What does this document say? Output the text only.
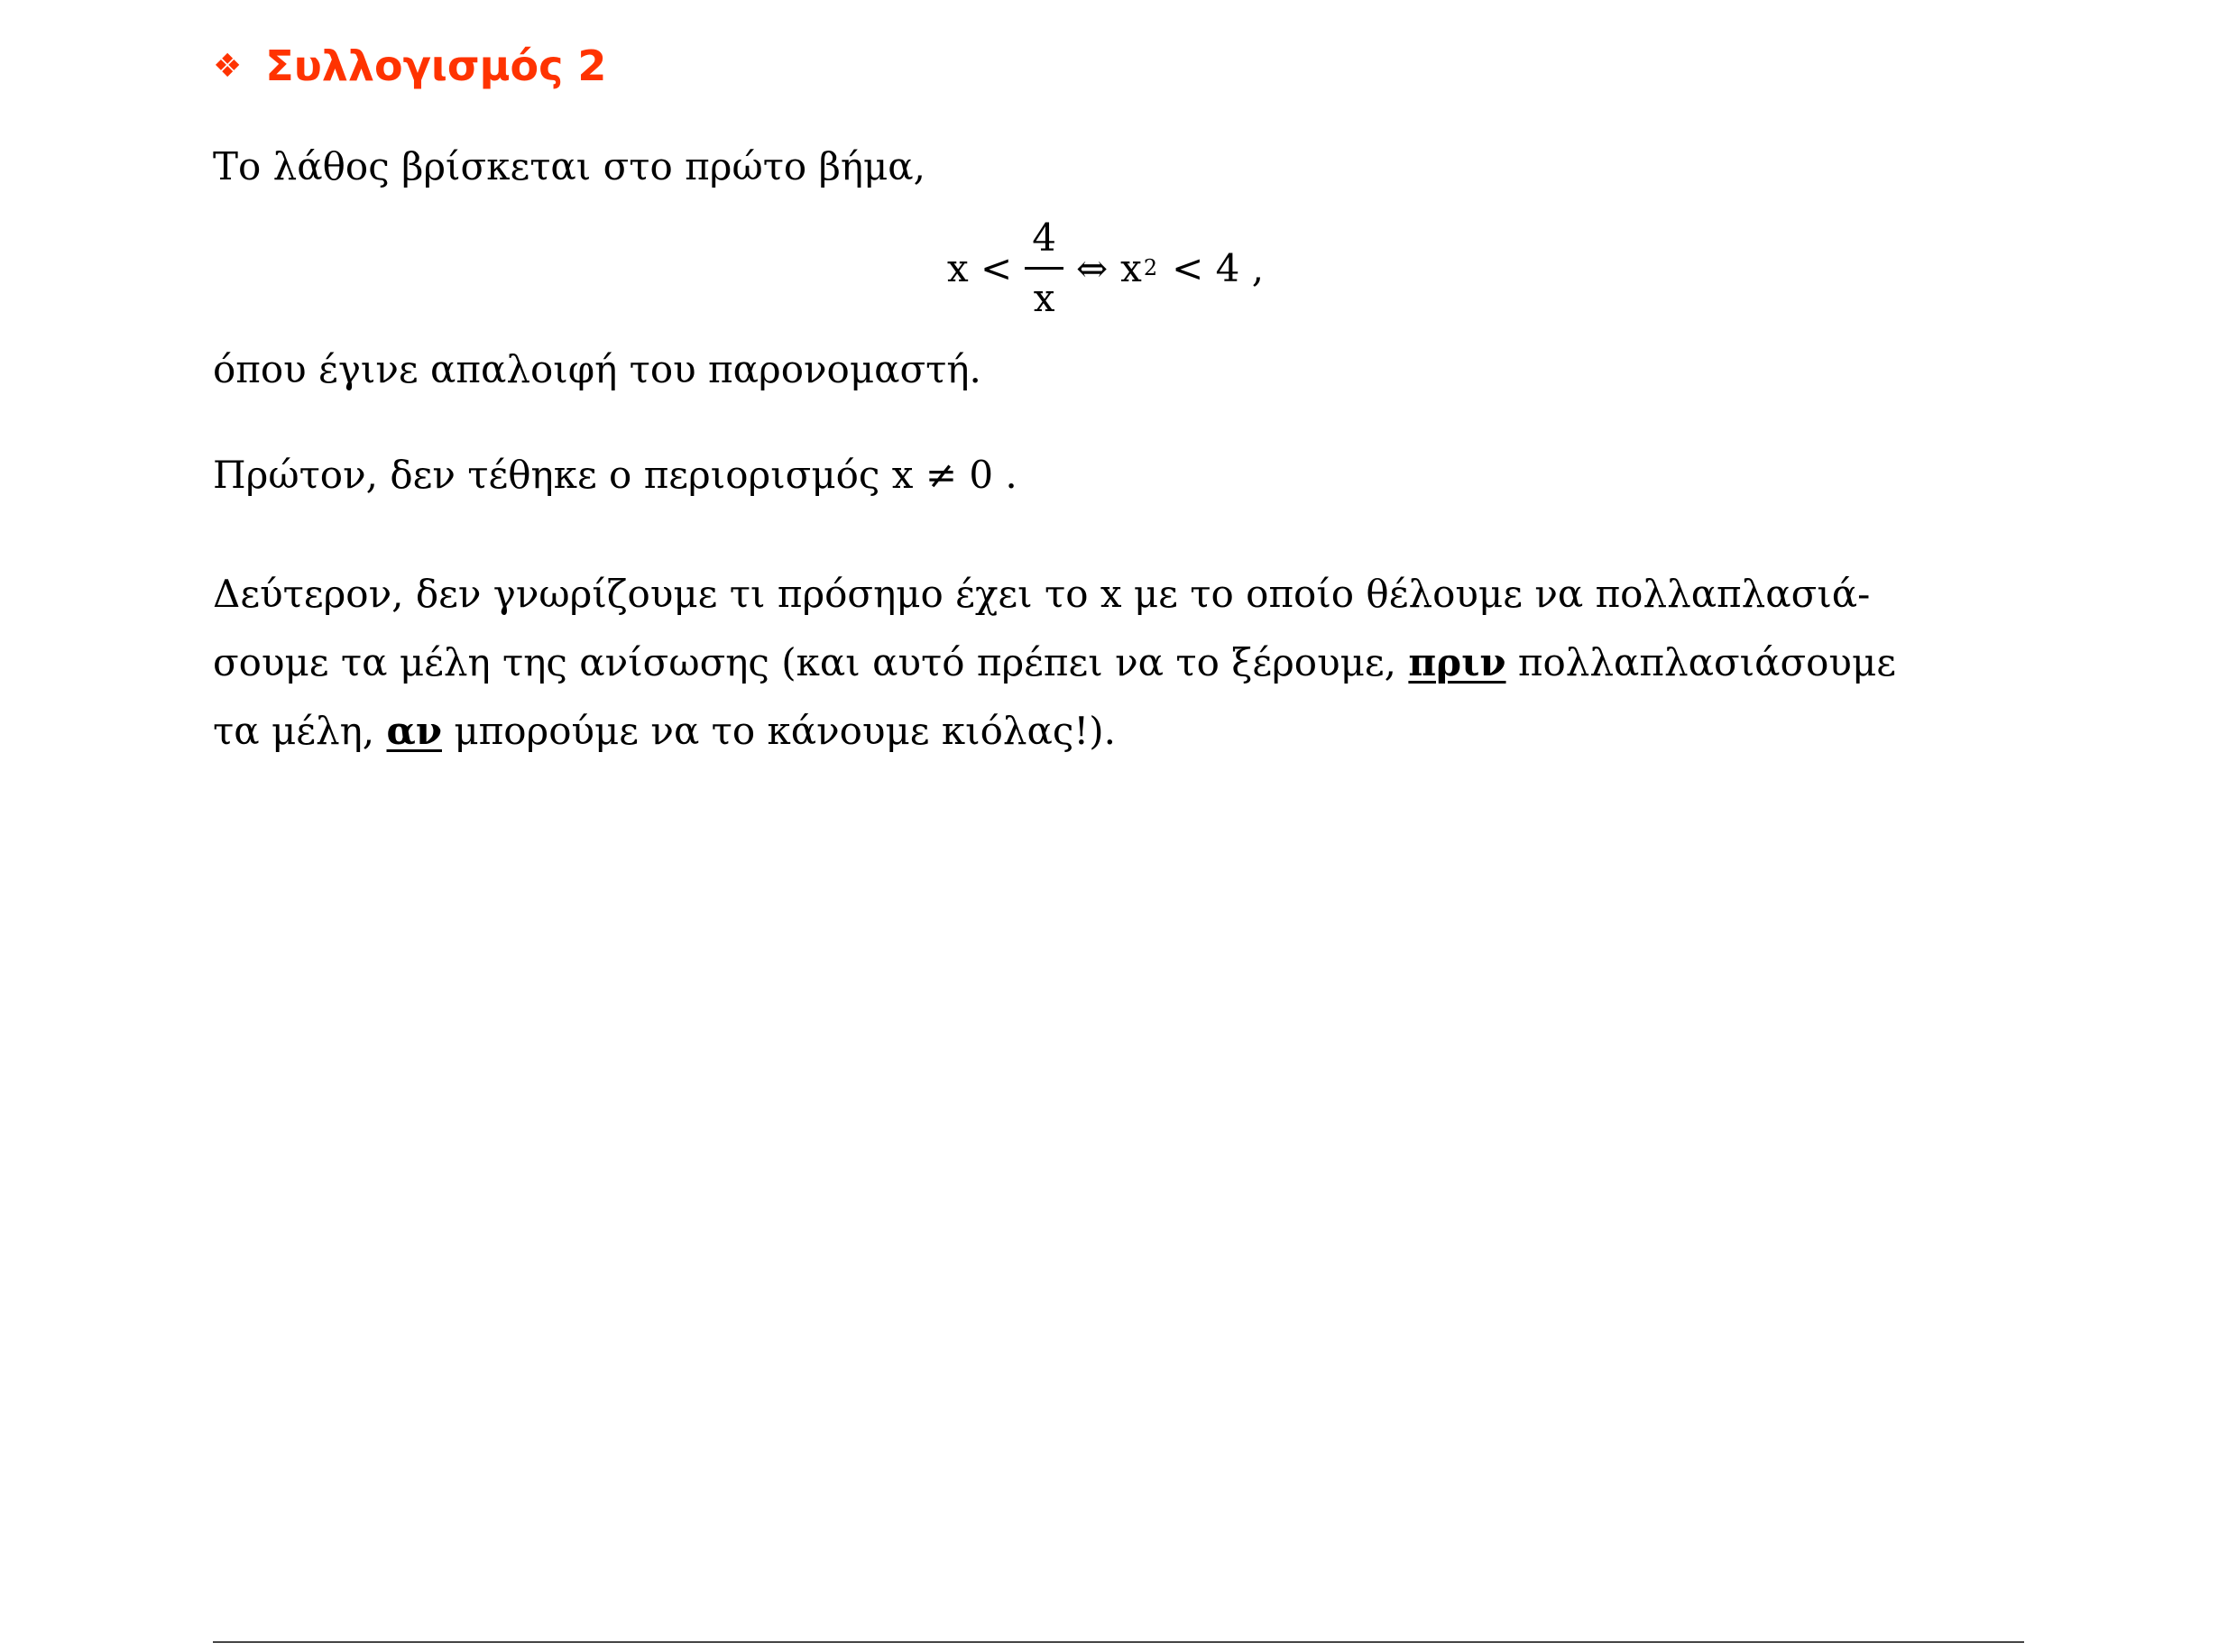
❖ Συλλογισμός 2
Το λάθος βρίσκεται στο πρώτο βήμα,
$x < \frac{4}{x}$ ⇔ x 2 < 4 ,
όπου έγινε απαλοιφή του παρονομαστή.
Πρώτον, δεν τέθηκε ο περιορισμός x ≠ 0 .
Δεύτερον, δεν γνωρίζουμε τι πρόσημο έχει το x με το οποίο θέλουμε να πολλαπλασιά-
σουμε τα μέλη της ανίσωσης (και αυτό πρέπει να το ξέρουμε, πριν πολλαπλασιάσουμε
τα μέλη, αν μπορούμε να το κάνουμε κιόλας!).
